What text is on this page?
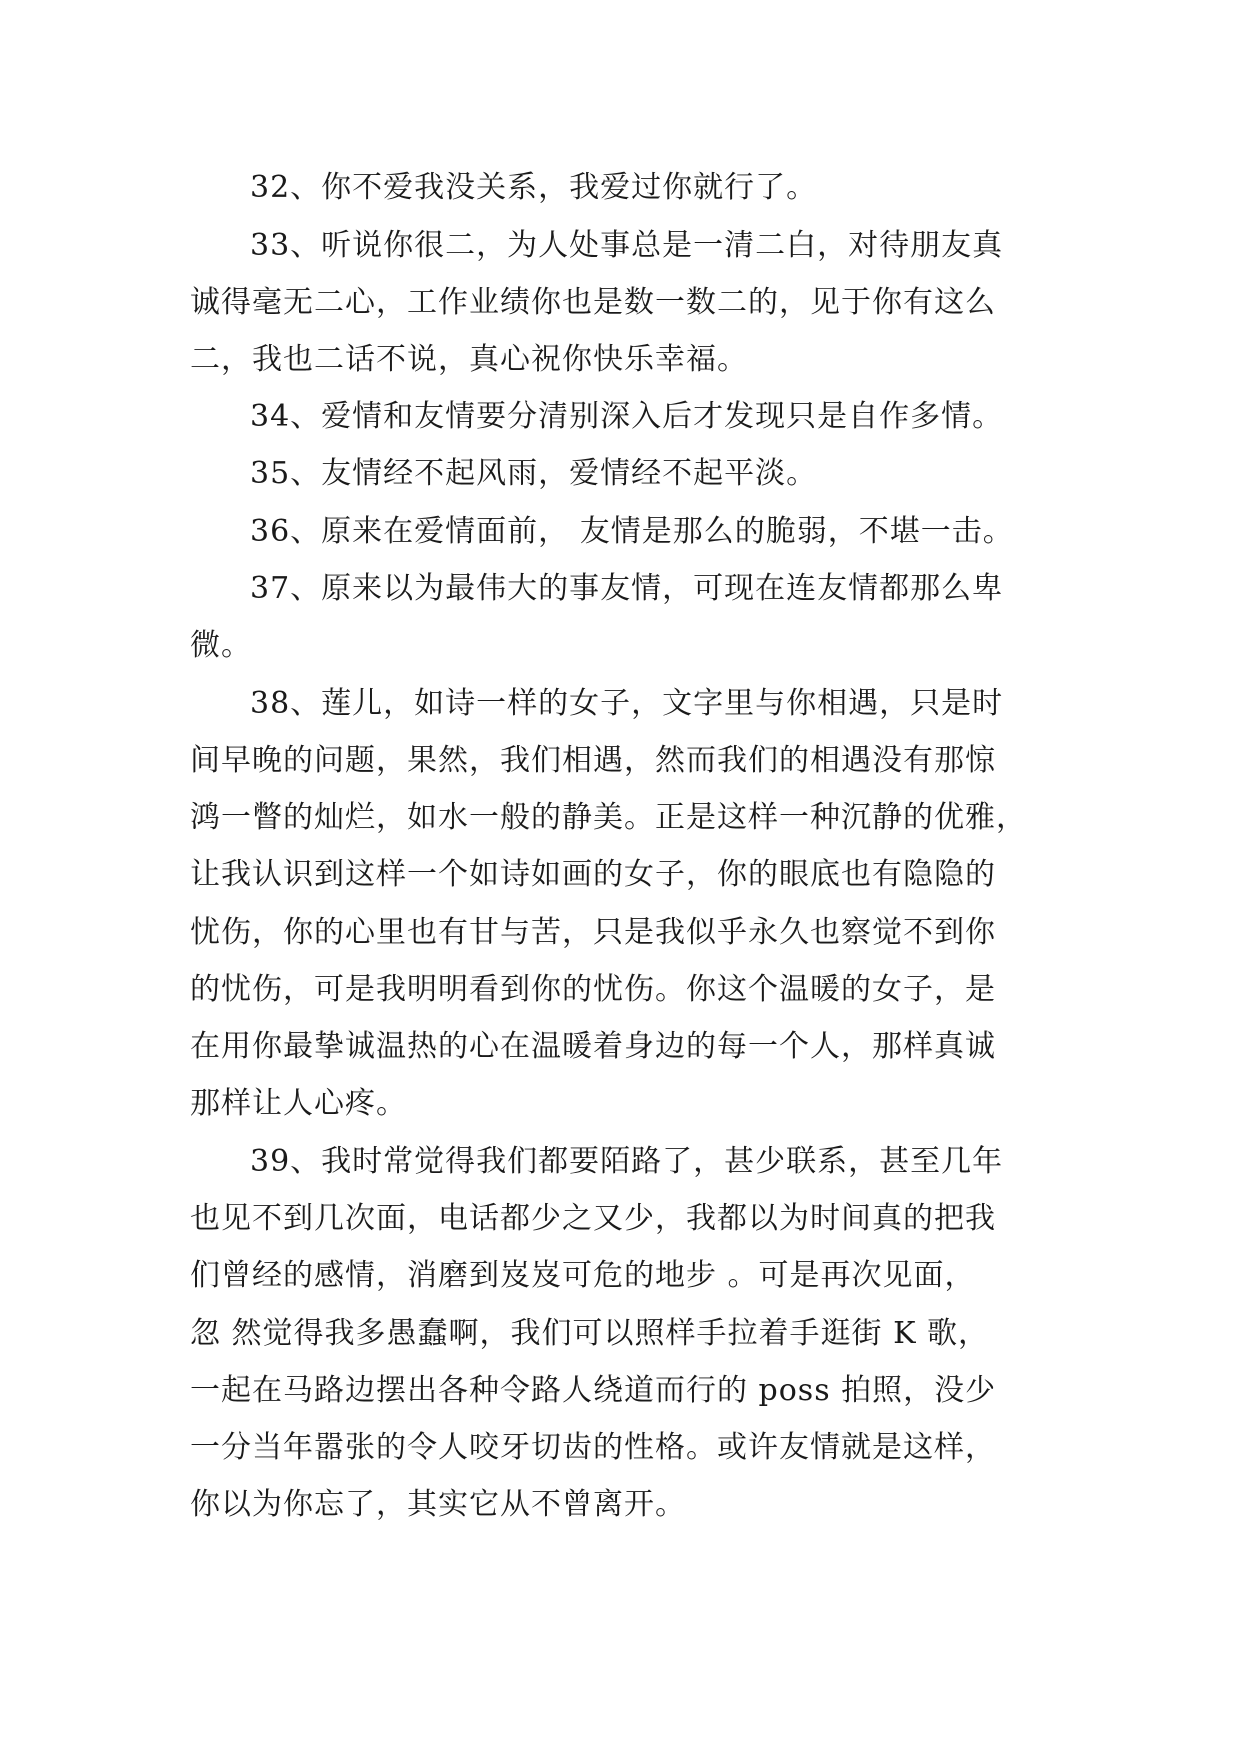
32、你不爱我没关系，我爱过你就行了。
33、听说你很二，为人处事总是一清二白，对待朋友真
诚得毫无二心，工作业绩你也是数一数二的，见于你有这么
二，我也二话不说，真心祝你快乐幸福。
34、爱情和友情要分清别深入后才发现只是自作多情。
35、友情经不起风雨，爱情经不起平淡。
36、原来在爱情面前， 友情是那么的脆弱，不堪一击。
37、原来以为最伟大的事友情，可现在连友情都那么卑
微。
38、莲儿，如诗一样的女子，文字里与你相遇，只是时
间早晚的问题，果然，我们相遇，然而我们的相遇没有那惊
鸿一瞥的灿烂，如水一般的静美。正是这样一种沉静的优雅，
让我认识到这样一个如诗如画的女子，你的眼底也有隐隐的
忧伤，你的心里也有甘与苦，只是我似乎永久也察觉不到你
的忧伤，可是我明明看到你的忧伤。你这个温暖的女子，是
在用你最挚诚温热的心在温暖着身边的每一个人，那样真诚
那样让人心疼。
39、我时常觉得我们都要陌路了，甚少联系，甚至几年
也见不到几次面，电话都少之又少，我都以为时间真的把我
们曾经的感情，消磨到岌岌可危的地步 。可是再次见面，
忽 然觉得我多愚蠢啊，我们可以照样手拉着手逛街 K 歌，
一起在马路边摆出各种令路人绕道而行的 poss 拍照，没少
一分当年嚣张的令人咬牙切齿的性格。或许友情就是这样，
你以为你忘了，其实它从不曾离开。
